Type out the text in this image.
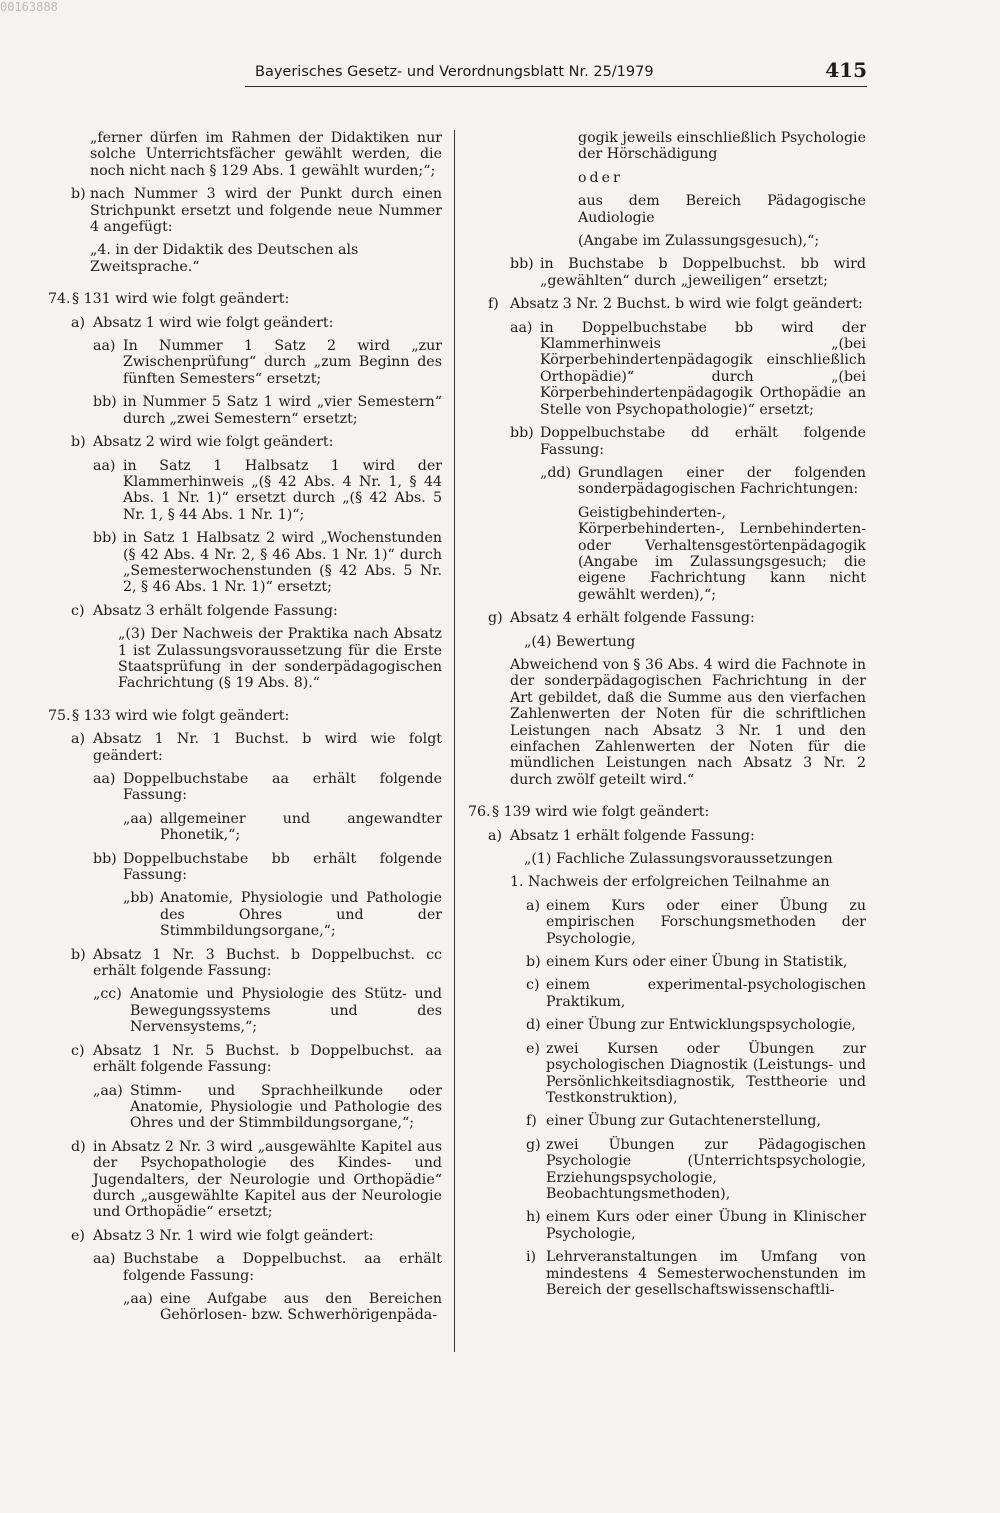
00163888
Bayerisches Gesetz- und Verordnungsblatt Nr. 25/1979	415
„ferner dürfen im Rahmen der Didaktiken nur solche Unterrichtsfächer gewählt werden, die noch nicht nach § 129 Abs. 1 gewählt wurden;“;
b) nach Nummer 3 wird der Punkt durch einen Strichpunkt ersetzt und folgende neue Nummer 4 angefügt:
„4. in der Didaktik des Deutschen als Zweitsprache.“
74. § 131 wird wie folgt geändert:
a) Absatz 1 wird wie folgt geändert:
aa) In Nummer 1 Satz 2 wird „zur Zwischenprüfung“ durch „zum Beginn des fünften Semesters“ ersetzt;
bb) in Nummer 5 Satz 1 wird „vier Semestern“ durch „zwei Semestern“ ersetzt;
b) Absatz 2 wird wie folgt geändert:
aa) in Satz 1 Halbsatz 1 wird der Klammerhinweis „(§ 42 Abs. 4 Nr. 1, § 44 Abs. 1 Nr. 1)“ ersetzt durch „(§ 42 Abs. 5 Nr. 1, § 44 Abs. 1 Nr. 1)“;
bb) in Satz 1 Halbsatz 2 wird „Wochenstunden (§ 42 Abs. 4 Nr. 2, § 46 Abs. 1 Nr. 1)“ durch „Semesterwochenstunden (§ 42 Abs. 5 Nr. 2, § 46 Abs. 1 Nr. 1)“ ersetzt;
c) Absatz 3 erhält folgende Fassung:
„(3) Der Nachweis der Praktika nach Absatz 1 ist Zulassungsvoraussetzung für die Erste Staatsprüfung in der sonderpädagogischen Fachrichtung (§ 19 Abs. 8).“
75. § 133 wird wie folgt geändert:
a) Absatz 1 Nr. 1 Buchst. b wird wie folgt geändert:
aa) Doppelbuchstabe aa erhält folgende Fassung:
„aa) allgemeiner und angewandter Phonetik,“;
bb) Doppelbuchstabe bb erhält folgende Fassung:
„bb) Anatomie, Physiologie und Pathologie des Ohres und der Stimmbildungsorgane,“;
b) Absatz 1 Nr. 3 Buchst. b Doppelbuchst. cc erhält folgende Fassung:
„cc) Anatomie und Physiologie des Stütz- und Bewegungssystems und des Nervensystems,“;
c) Absatz 1 Nr. 5 Buchst. b Doppelbuchst. aa erhält folgende Fassung:
„aa) Stimm- und Sprachheilkunde oder Anatomie, Physiologie und Pathologie des Ohres und der Stimmbildungsorgane,“;
d) in Absatz 2 Nr. 3 wird „ausgewählte Kapitel aus der Psychopathologie des Kindes- und Jugendalters, der Neurologie und Orthopädie“ durch „ausgewählte Kapitel aus der Neurologie und Orthopädie“ ersetzt;
e) Absatz 3 Nr. 1 wird wie folgt geändert:
aa) Buchstabe a Doppelbuchst. aa erhält folgende Fassung:
„aa) eine Aufgabe aus den Bereichen Gehörlosen- bzw. Schwerhörigenpäda-
gogik jeweils einschließlich Psychologie der Hörschädigung
oder
aus dem Bereich Pädagogische Audiologie
(Angabe im Zulassungsgesuch),“;
bb) in Buchstabe b Doppelbuchst. bb wird „gewählten“ durch „jeweiligen“ ersetzt;
f) Absatz 3 Nr. 2 Buchst. b wird wie folgt geändert:
aa) in Doppelbuchstabe bb wird der Klammerhinweis „(bei Körperbehindertenpädagogik einschließlich Orthopädie)“ durch „(bei Körperbehindertenpädagogik Orthopädie an Stelle von Psychopathologie)“ ersetzt;
bb) Doppelbuchstabe dd erhält folgende Fassung:
„dd) Grundlagen einer der folgenden sonderpädagogischen Fachrichtungen:
Geistigbehinderten-, Körperbehinderten-, Lernbehinderten- oder Verhaltensgestörtenpädagogik (Angabe im Zulassungsgesuch; die eigene Fachrichtung kann nicht gewählt werden),“;
g) Absatz 4 erhält folgende Fassung:
„(4) Bewertung
Abweichend von § 36 Abs. 4 wird die Fachnote in der sonderpädagogischen Fachrichtung in der Art gebildet, daß die Summe aus den vierfachen Zahlenwerten der Noten für die schriftlichen Leistungen nach Absatz 3 Nr. 1 und den einfachen Zahlenwerten der Noten für die mündlichen Leistungen nach Absatz 3 Nr. 2 durch zwölf geteilt wird.“
76. § 139 wird wie folgt geändert:
a) Absatz 1 erhält folgende Fassung:
„(1) Fachliche Zulassungsvoraussetzungen
1. Nachweis der erfolgreichen Teilnahme an
a) einem Kurs oder einer Übung zu empirischen Forschungsmethoden der Psychologie,
b) einem Kurs oder einer Übung in Statistik,
c) einem experimental-psychologischen Praktikum,
d) einer Übung zur Entwicklungspsychologie,
e) zwei Kursen oder Übungen zur psychologischen Diagnostik (Leistungs- und Persönlichkeitsdiagnostik, Testtheorie und Testkonstruktion),
f) einer Übung zur Gutachtenerstellung,
g) zwei Übungen zur Pädagogischen Psychologie (Unterrichtspsychologie, Erziehungspsychologie, Beobachtungsmethoden),
h) einem Kurs oder einer Übung in Klinischer Psychologie,
i) Lehrveranstaltungen im Umfang von mindestens 4 Semesterwochenstunden im Bereich der gesellschaftswissenschaftli-
